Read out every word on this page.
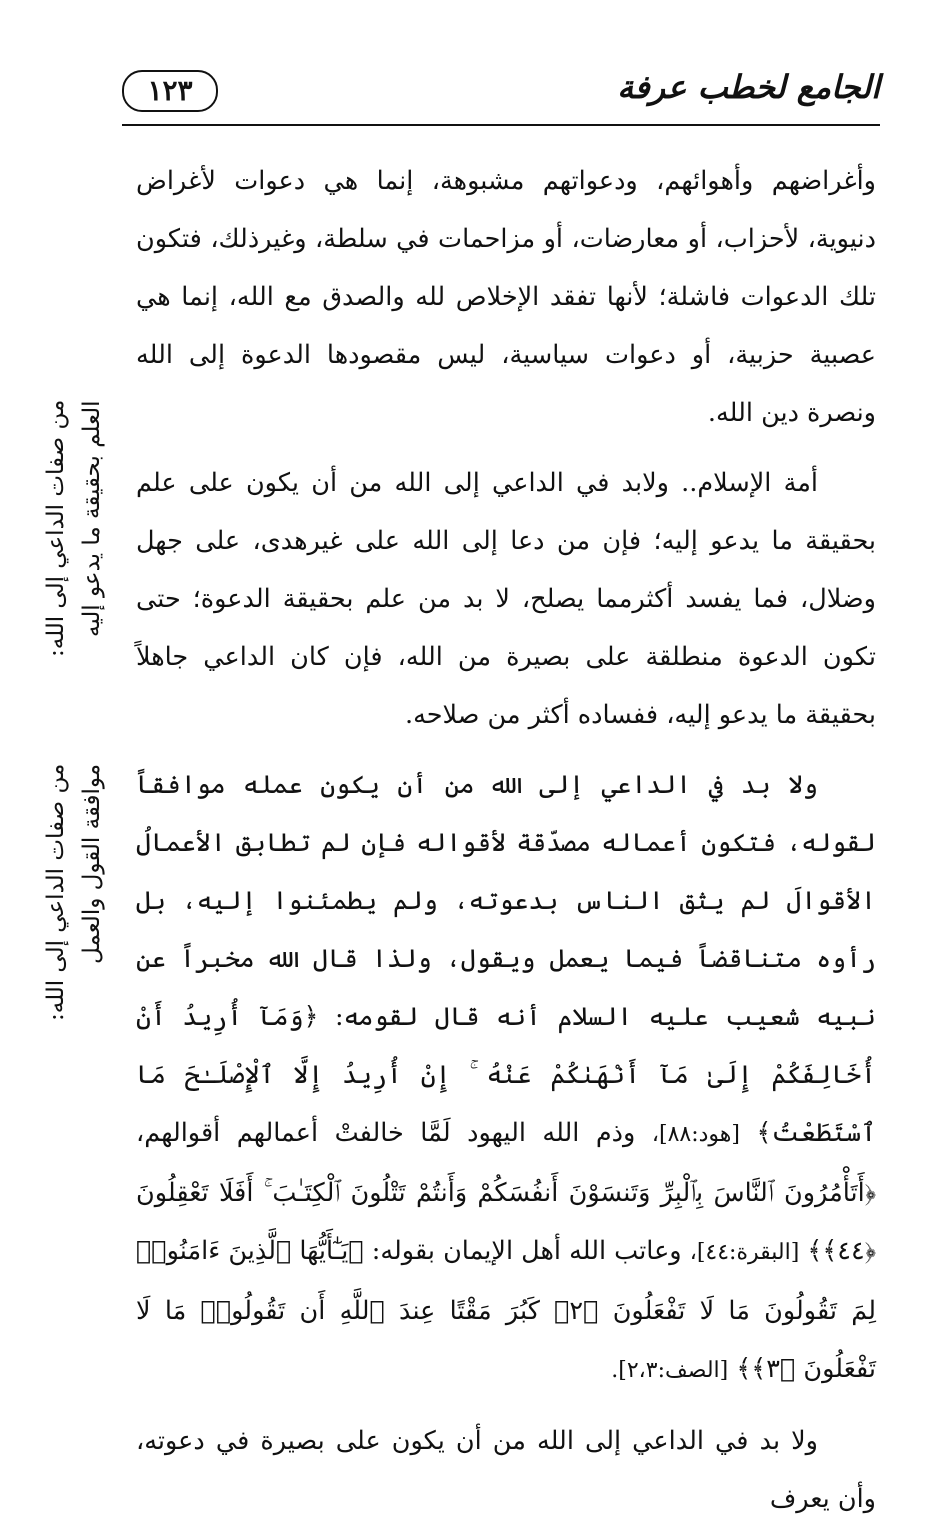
الجامع لخطب عرفة
١٢٣
من صفات الداعي إلى الله: العلم بحقيقة ما يدعو إليه
من صفات الداعي إلى الله: موافقة القول والعمل

وأغراضهم وأهوائهم، ودعواتهم مشبوهة، إنما هي دعوات لأغراض دنيوية، لأحزاب، أو معارضات، أو مزاحمات في سلطة، وغيرذلك، فتكون تلك الدعوات فاشلة؛ لأنها تفقد الإخلاص لله والصدق مع الله، إنما هي عصبية حزبية، أو دعوات سياسية، ليس مقصودها الدعوة إلى الله ونصرة دين الله.

أمة الإسلام.. ولابد في الداعي إلى الله من أن يكون على علم بحقيقة ما يدعو إليه؛ فإن من دعا إلى الله على غيرهدى، على جهل وضلال، فما يفسد أكثرمما يصلح، لا بد من علم بحقيقة الدعوة؛ حتى تكون الدعوة منطلقة على بصيرة من الله، فإن كان الداعي جاهلاً بحقيقة ما يدعو إليه، ففساده أكثر من صلاحه.

ولا بد في الداعي إلى الله من أن يكون عمله موافقاً لقوله، فتكون أعماله مصدّقة لأقواله فإن لم تطابق الأعمالُ الأقوالَ لم يثق الناس بدعوته، ولم يطمئنوا إليه، بل رأوه متناقضاً فيما يعمل ويقول، ولذا قال الله مخبراً عن نبيه شعيب عليه السلام أنه قال لقومه: ﴿وَمَآ أُرِيدُ أَنْ أُخَالِفَكُمْ إِلَىٰ مَآ أَنْهَىٰكُمْ عَنْهُ ۚ إِنْ أُرِيدُ إِلَّا ٱلْإِصْلَـٰحَ مَا ٱسْتَطَعْتُ﴾ [هود:٨٨]، وذم الله اليهود لَمَّا خالفتْ أعمالهم أقوالهم، ﴿أَتَأْمُرُونَ ٱلنَّاسَ بِٱلْبِرِّ وَتَنسَوْنَ أَنفُسَكُمْ وَأَنتُمْ تَتْلُونَ ٱلْكِتَـٰبَ ۚ أَفَلَا تَعْقِلُونَ ﴿٤٤﴾﴾ [البقرة:٤٤]، وعاتب الله أهل الإيمان بقوله: ﴿يَـٰٓأَيُّهَا ٱلَّذِينَ ءَامَنُوا۟ لِمَ تَقُولُونَ مَا لَا تَفْعَلُونَ ﴿٢﴾ كَبُرَ مَقْتًا عِندَ ٱللَّهِ أَن تَقُولُوا۟ مَا لَا تَفْعَلُونَ ﴿٣﴾﴾ [الصف:٢،٣].

ولا بد في الداعي إلى الله من أن يكون على بصيرة في دعوته، وأن يعرف
